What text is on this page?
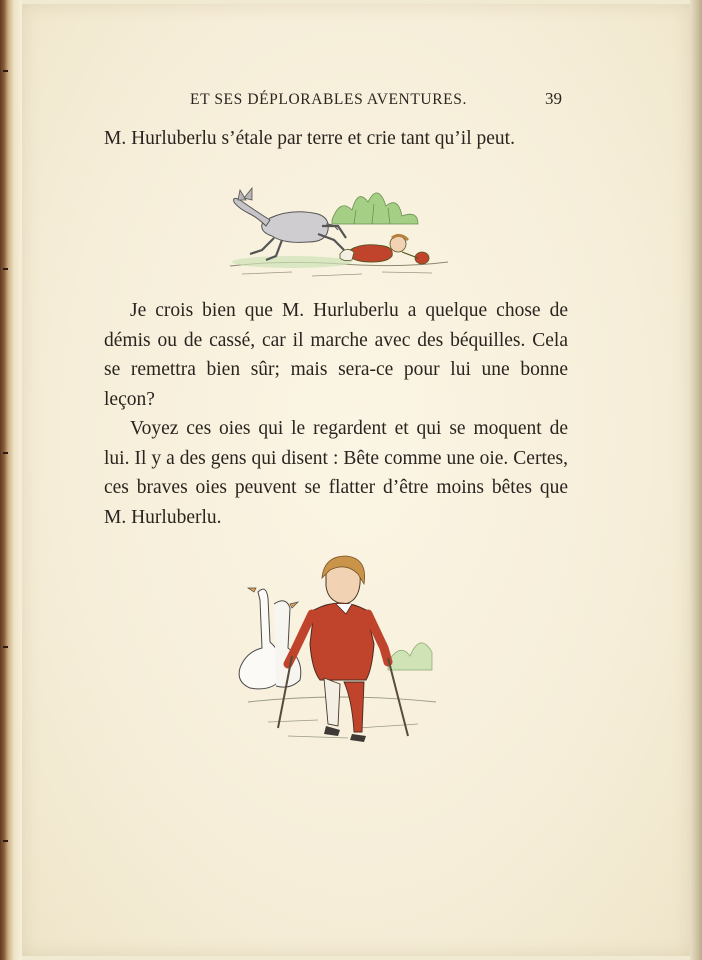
ET SES DÉPLORABLES AVENTURES.	39

M. Hurluberlu s’étale par terre et crie tant qu’il peut.

Je crois bien que M. Hurluberlu a quelque chose de démis ou de cassé, car il marche avec des béquilles. Cela se remettra bien sûr; mais sera-ce pour lui une bonne leçon?

Voyez ces oies qui le regardent et qui se moquent de lui. Il y a des gens qui disent : Bête comme une oie. Certes, ces braves oies peuvent se flatter d’être moins bêtes que M. Hurluberlu.
